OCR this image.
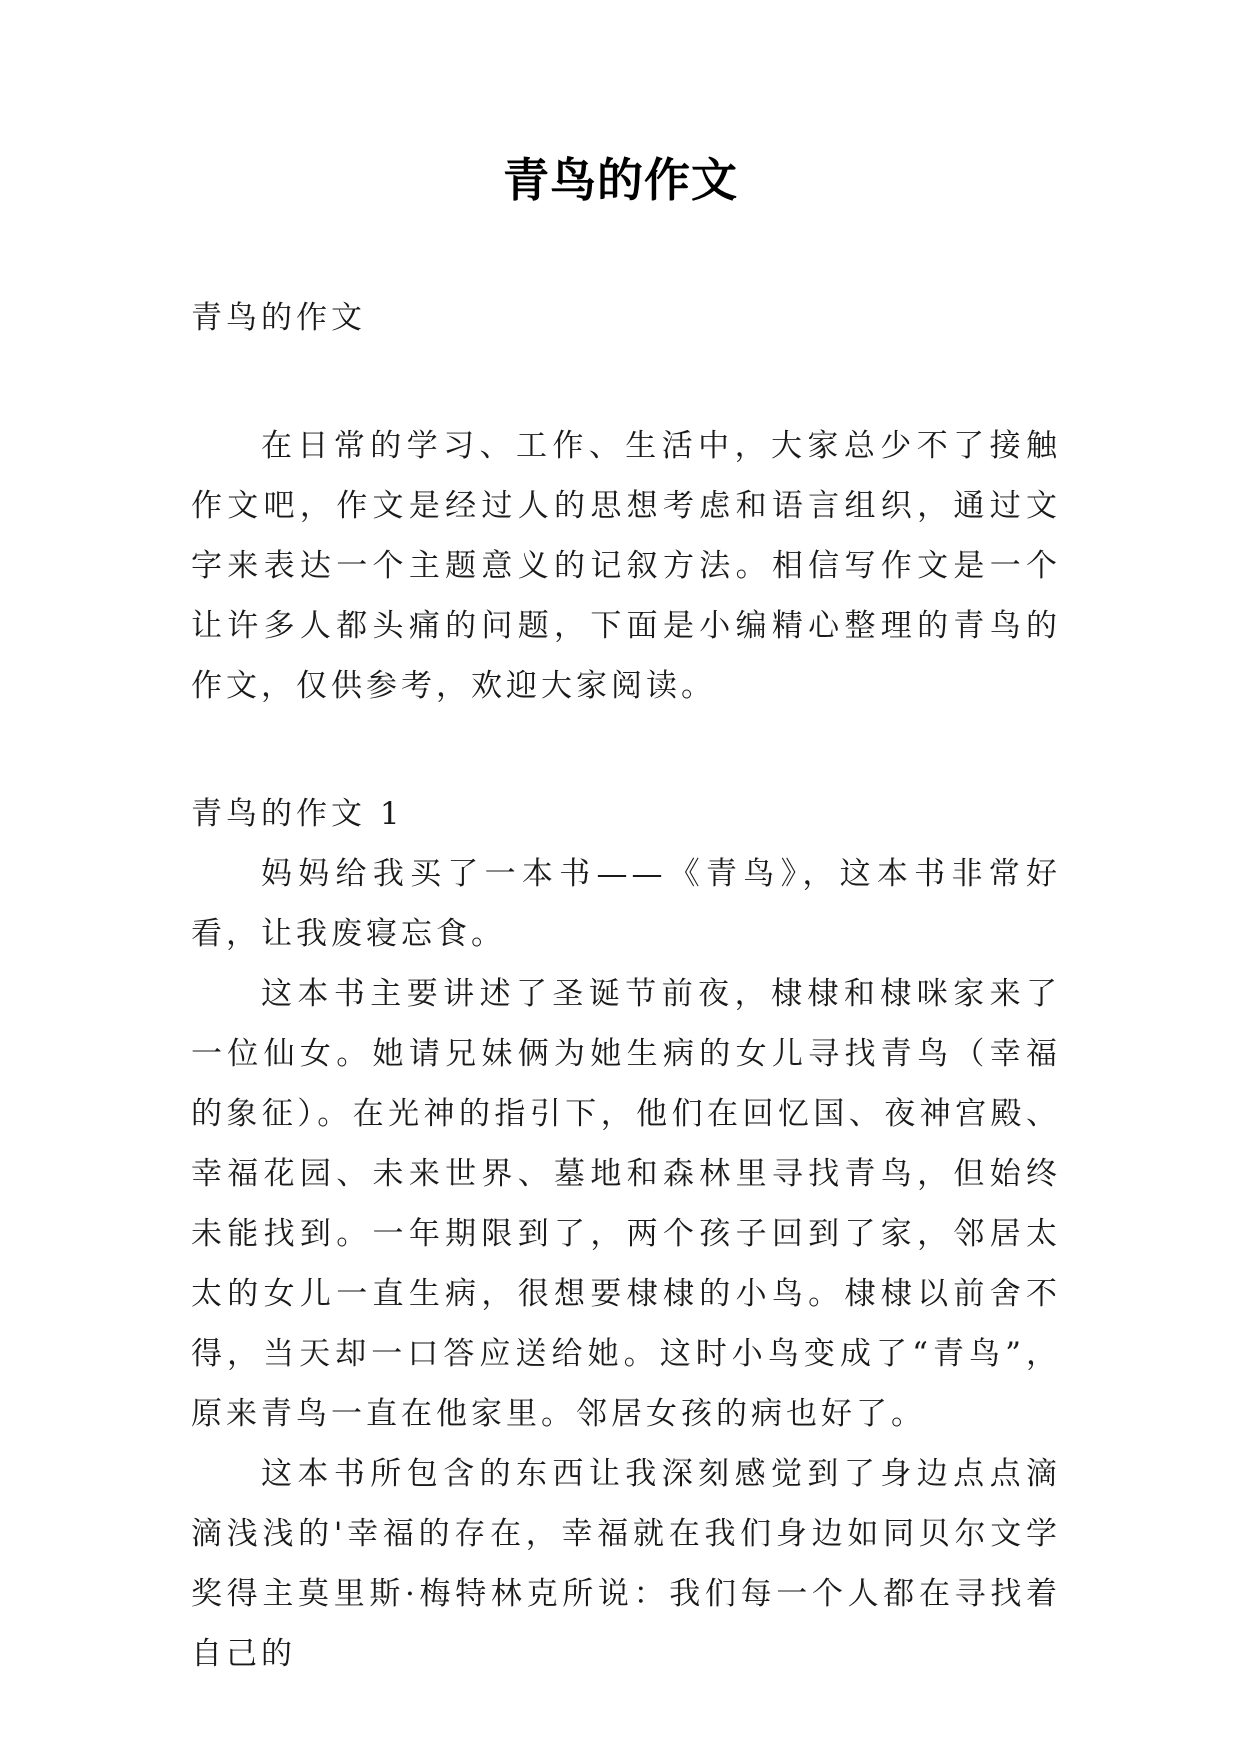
青鸟的作文

青鸟的作文

在日常的学习、工作、生活中，大家总少不了接触作文吧，作文是经过人的思想考虑和语言组织，通过文字来表达一个主题意义的记叙方法。相信写作文是一个让许多人都头痛的问题，下面是小编精心整理的青鸟的作文，仅供参考，欢迎大家阅读。

青鸟的作文 1

妈妈给我买了一本书——《青鸟》，这本书非常好看，让我废寝忘食。

这本书主要讲述了圣诞节前夜，棣棣和棣咪家来了一位仙女。她请兄妹俩为她生病的女儿寻找青鸟（幸福的象征）。在光神的指引下，他们在回忆国、夜神宫殿、幸福花园、未来世界、墓地和森林里寻找青鸟，但始终未能找到。一年期限到了，两个孩子回到了家，邻居太太的女儿一直生病，很想要棣棣的小鸟。棣棣以前舍不得，当天却一口答应送给她。这时小鸟变成了“青鸟”，原来青鸟一直在他家里。邻居女孩的病也好了。

这本书所包含的东西让我深刻感觉到了身边点点滴滴浅浅的'幸福的存在，幸福就在我们身边如同贝尔文学奖得主莫里斯·梅特林克所说：我们每一个人都在寻找着自己的
